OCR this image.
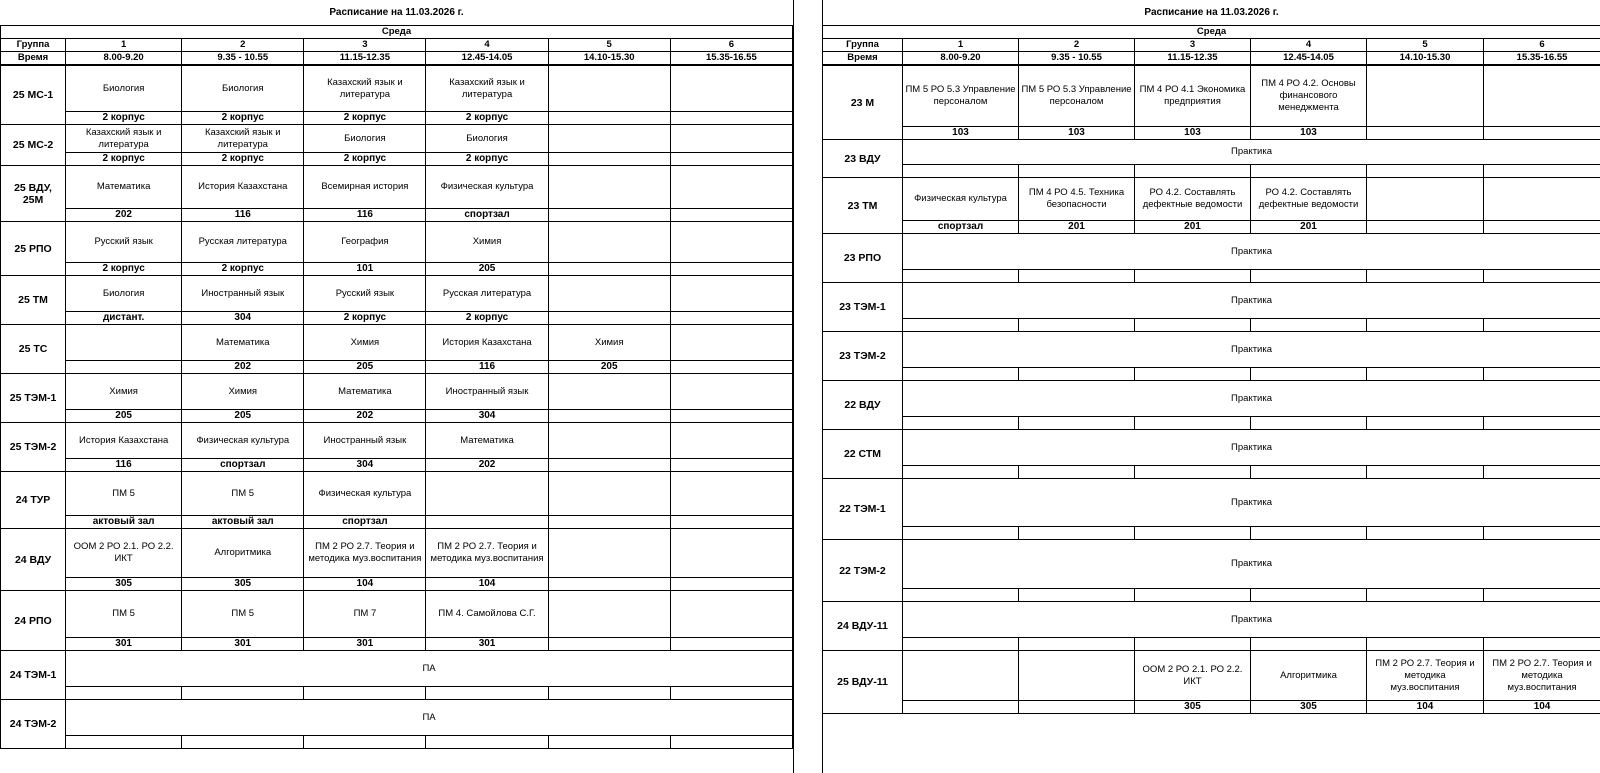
Расписание на 11.03.2026 г.						
Среда						
Группа	1	2	3	4	5	6
Время	8.00-9.20	9.35 - 10.55	11.15-12.35	12.45-14.05	14.10-15.30	15.35-16.55
25 МС-1	Биология	Биология	Казахский язык и литература	Казахский язык и литература		
	2 корпус	2 корпус	2 корпус	2 корпус		
25 МС-2	Казахский язык и литература	Казахский язык и литература	Биология	Биология		
	2 корпус	2 корпус	2 корпус	2 корпус		
25 ВДУ, 25М	Математика	История Казахстана	Всемирная история	Физическая культура		
	202	116	116	спортзал		
25 РПО	Русский язык	Русская литература	География	Химия		
	2 корпус	2 корпус	101	205		
25 ТМ	Биология	Иностранный язык	Русский язык	Русская литература		
	дистант.	304	2 корпус	2 корпус		
25 ТС		Математика	Химия	История Казахстана	Химия	
		202	205	116	205	
25 ТЭМ-1	Химия	Химия	Математика	Иностранный язык		
	205	205	202	304		
25 ТЭМ-2	История Казахстана	Физическая культура	Иностранный язык	Математика		
	116	спортзал	304	202		
24 ТУР	ПМ 5	ПМ 5	Физическая культура			
	актовый зал	актовый зал	спортзал			
24 ВДУ	ООМ 2 РО 2.1. РО 2.2. ИКТ	Алгоритмика	ПМ 2 РО 2.7. Теория и методика муз.воспитания	ПМ 2 РО 2.7. Теория и методика муз.воспитания		
	305	305	104	104		
24 РПО	ПМ 5	ПМ 5	ПМ 7	ПМ 4. Самойлова С.Г.		
	301	301	301	301		
24 ТЭМ-1	ПА					

24 ТЭМ-2	ПА					

Расписание на 11.03.2026 г.						
Среда						
Группа	1	2	3	4	5	6
Время	8.00-9.20	9.35 - 10.55	11.15-12.35	12.45-14.05	14.10-15.30	15.35-16.55
23 М	ПМ 5 РО 5.3 Управление персоналом	ПМ 5 РО 5.3 Управление персоналом	ПМ 4 РО 4.1 Экономика предприятия	ПМ 4 РО 4.2. Основы финансового менеджмента		
	103	103	103	103		
23 ВДУ	Практика					

23 ТМ	Физическая культура	ПМ 4 РО 4.5. Техника безопасности	РО 4.2. Составлять дефектные ведомости	РО 4.2. Составлять дефектные ведомости		
	спортзал	201	201	201		
23 РПО	Практика					

23 ТЭМ-1	Практика					

23 ТЭМ-2	Практика					

22 ВДУ	Практика					

22 СТМ	Практика					

22 ТЭМ-1	Практика					

22 ТЭМ-2	Практика					

24 ВДУ-11	Практика					

25 ВДУ-11			ООМ 2 РО 2.1. РО 2.2. ИКТ	Алгоритмика	ПМ 2 РО 2.7. Теория и методика муз.воспитания	ПМ 2 РО 2.7. Теория и методика муз.воспитания
			305	305	104	104
